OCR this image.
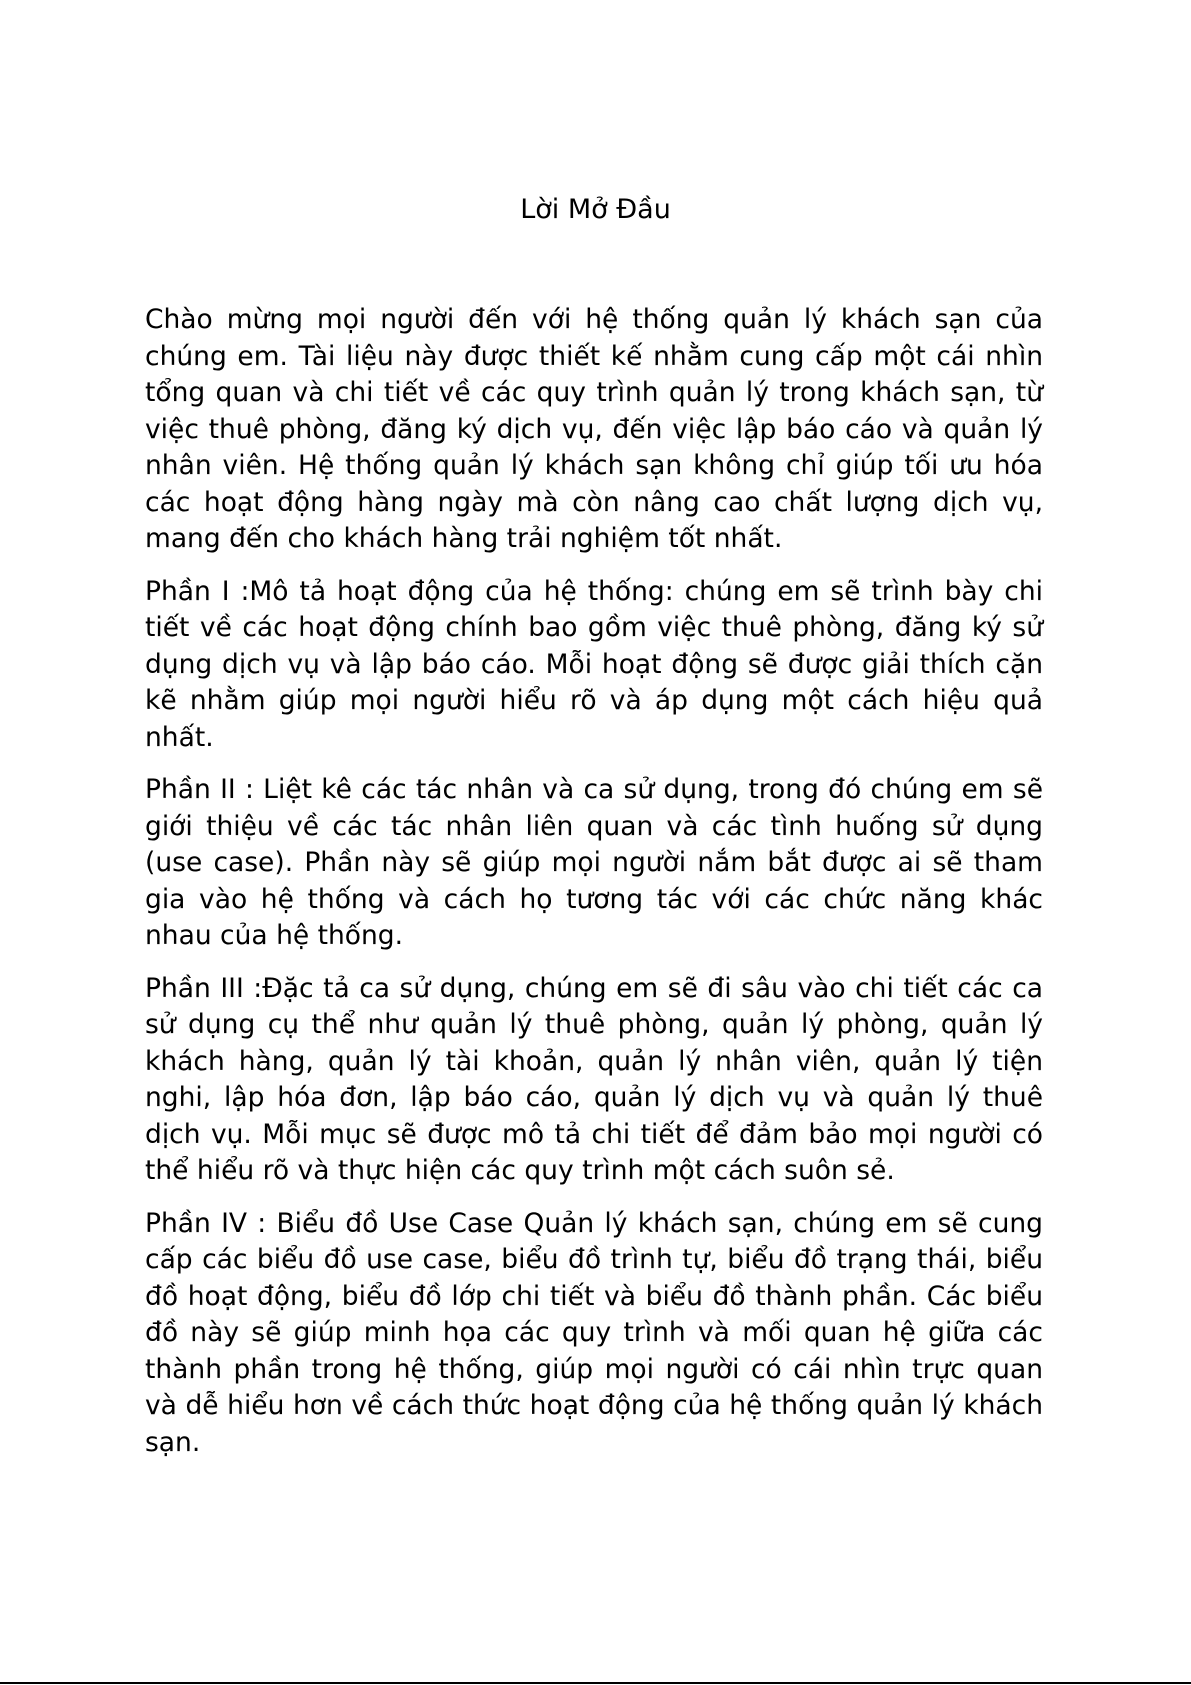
Lời Mở Đầu

Chào mừng mọi người đến với hệ thống quản lý khách sạn của chúng em. Tài liệu này được thiết kế nhằm cung cấp một cái nhìn tổng quan và chi tiết về các quy trình quản lý trong khách sạn, từ việc thuê phòng, đăng ký dịch vụ, đến việc lập báo cáo và quản lý nhân viên. Hệ thống quản lý khách sạn không chỉ giúp tối ưu hóa các hoạt động hàng ngày mà còn nâng cao chất lượng dịch vụ, mang đến cho khách hàng trải nghiệm tốt nhất.

Phần I :Mô tả hoạt động của hệ thống: chúng em sẽ trình bày chi tiết về các hoạt động chính bao gồm việc thuê phòng, đăng ký sử dụng dịch vụ và lập báo cáo. Mỗi hoạt động sẽ được giải thích cặn kẽ nhằm giúp mọi người hiểu rõ và áp dụng một cách hiệu quả nhất.

Phần II : Liệt kê các tác nhân và ca sử dụng, trong đó chúng em sẽ giới thiệu về các tác nhân liên quan và các tình huống sử dụng (use case). Phần này sẽ giúp mọi người nắm bắt được ai sẽ tham gia vào hệ thống và cách họ tương tác với các chức năng khác nhau của hệ thống.

Phần III :Đặc tả ca sử dụng, chúng em sẽ đi sâu vào chi tiết các ca sử dụng cụ thể như quản lý thuê phòng, quản lý phòng, quản lý khách hàng, quản lý tài khoản, quản lý nhân viên, quản lý tiện nghi, lập hóa đơn, lập báo cáo, quản lý dịch vụ và quản lý thuê dịch vụ. Mỗi mục sẽ được mô tả chi tiết để đảm bảo mọi người có thể hiểu rõ và thực hiện các quy trình một cách suôn sẻ.

Phần IV : Biểu đồ Use Case Quản lý khách sạn, chúng em sẽ cung cấp các biểu đồ use case, biểu đồ trình tự, biểu đồ trạng thái, biểu đồ hoạt động, biểu đồ lớp chi tiết và biểu đồ thành phần. Các biểu đồ này sẽ giúp minh họa các quy trình và mối quan hệ giữa các thành phần trong hệ thống, giúp mọi người có cái nhìn trực quan và dễ hiểu hơn về cách thức hoạt động của hệ thống quản lý khách sạn.
